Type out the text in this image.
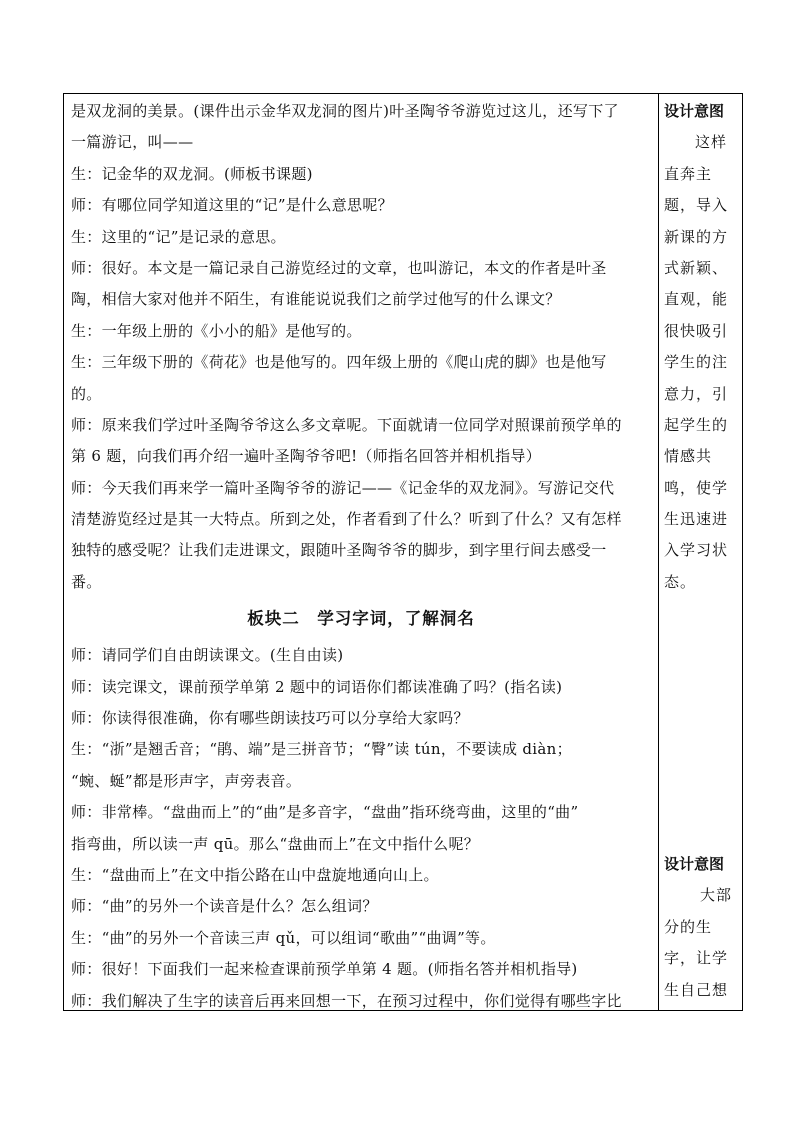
是双龙洞的美景。(课件出示金华双龙洞的图片)叶圣陶爷爷游览过这儿，还写下了
一篇游记，叫——
生：记金华的双龙洞。(师板书课题)
师：有哪位同学知道这里的“记”是什么意思呢？
生：这里的“记”是记录的意思。
师：很好。本文是一篇记录自己游览经过的文章，也叫游记，本文的作者是叶圣
陶，相信大家对他并不陌生，有谁能说说我们之前学过他写的什么课文？
生：一年级上册的《小小的船》是他写的。
生：三年级下册的《荷花》也是他写的。四年级上册的《爬山虎的脚》也是他写
的。
师：原来我们学过叶圣陶爷爷这么多文章呢。下面就请一位同学对照课前预学单的
第 6 题，向我们再介绍一遍叶圣陶爷爷吧!（师指名回答并相机指导）
师：今天我们再来学一篇叶圣陶爷爷的游记——《记金华的双龙洞》。写游记交代
清楚游览经过是其一大特点。所到之处，作者看到了什么？听到了什么？又有怎样
独特的感受呢？让我们走进课文，跟随叶圣陶爷爷的脚步，到字里行间去感受一
番。
板块二　学习字词，了解洞名
师：请同学们自由朗读课文。(生自由读)
师：读完课文，课前预学单第 2 题中的词语你们都读准确了吗？(指名读)
师：你读得很准确，你有哪些朗读技巧可以分享给大家吗？
生：“浙”是翘舌音；“鹃、端”是三拼音节；“臀”读 tún，不要读成 diàn；
“蜿、蜒”都是形声字，声旁表音。
师：非常棒。“盘曲而上”的“曲”是多音字，“盘曲”指环绕弯曲，这里的“曲”
指弯曲，所以读一声 qū。那么“盘曲而上”在文中指什么呢？
生：“盘曲而上”在文中指公路在山中盘旋地通向山上。
师：“曲”的另外一个读音是什么？怎么组词？
生：“曲”的另外一个音读三声 qǔ，可以组词“歌曲”“曲调”等。
师：很好！下面我们一起来检查课前预学单第 4 题。(师指名答并相机指导)
师：我们解决了生字的读音后再来回想一下，在预习过程中，你们觉得有哪些字比
设计意图
这样
直奔主
题，导入
新课的方
式新颖、
直观，能
很快吸引
学生的注
意力，引
起学生的
情感共
鸣，使学
生迅速进
入学习状
态。
设计意图
大部
分的生
字，让学
生自己想
